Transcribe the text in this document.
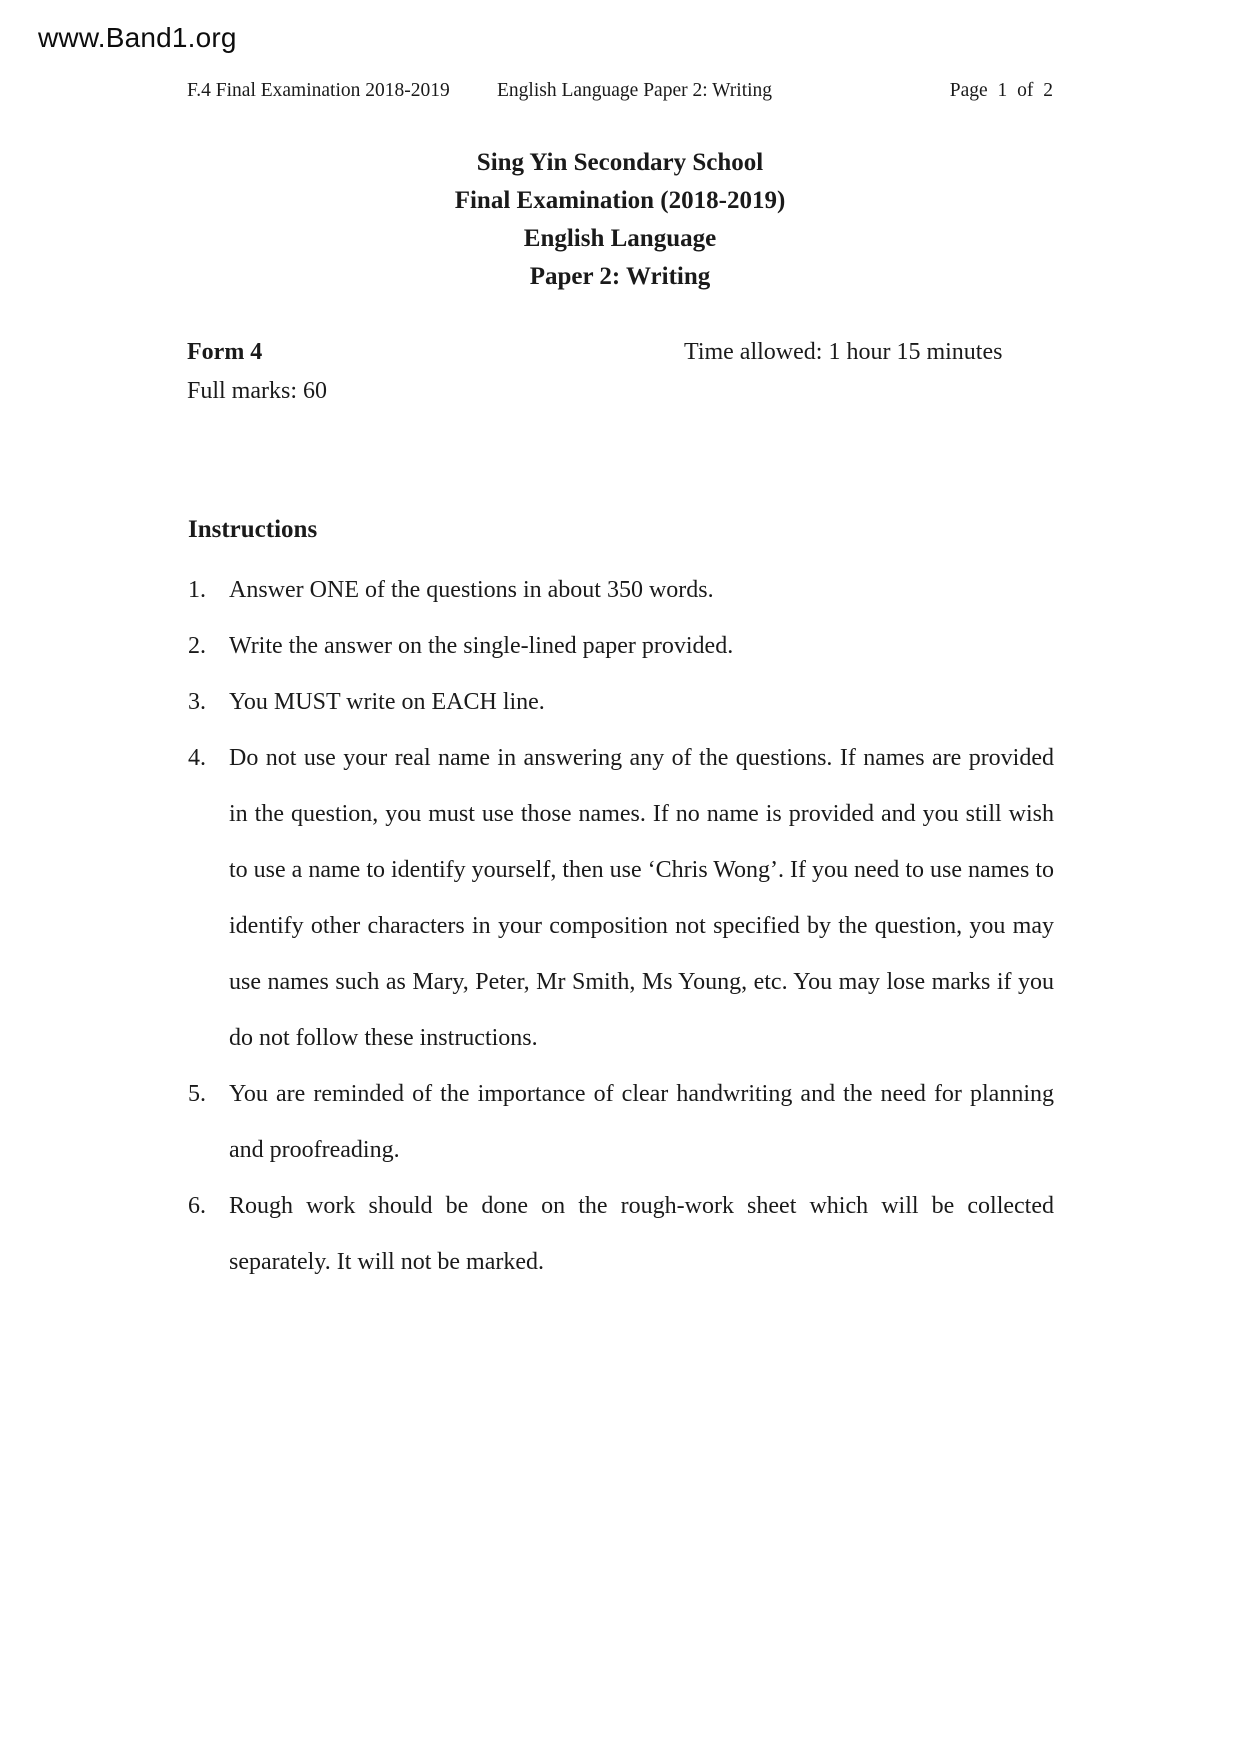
www.Band1.org
F.4 Final Examination 2018-2019 English Language Paper 2: Writing	Page 1 of 2
Sing Yin Secondary School
Final Examination (2018-2019)
English Language
Paper 2: Writing
Form 4	Time allowed: 1 hour 15 minutes
Full marks: 60
Instructions
1. Answer ONE of the questions in about 350 words.
2. Write the answer on the single-lined paper provided.
3. You MUST write on EACH line.
4. Do not use your real name in answering any of the questions. If names are provided in the question, you must use those names. If no name is provided and you still wish to use a name to identify yourself, then use ‘Chris Wong’. If you need to use names to identify other characters in your composition not specified by the question, you may use names such as Mary, Peter, Mr Smith, Ms Young, etc. You may lose marks if you do not follow these instructions.
5. You are reminded of the importance of clear handwriting and the need for planning and proofreading.
6. Rough work should be done on the rough-work sheet which will be collected separately. It will not be marked.
